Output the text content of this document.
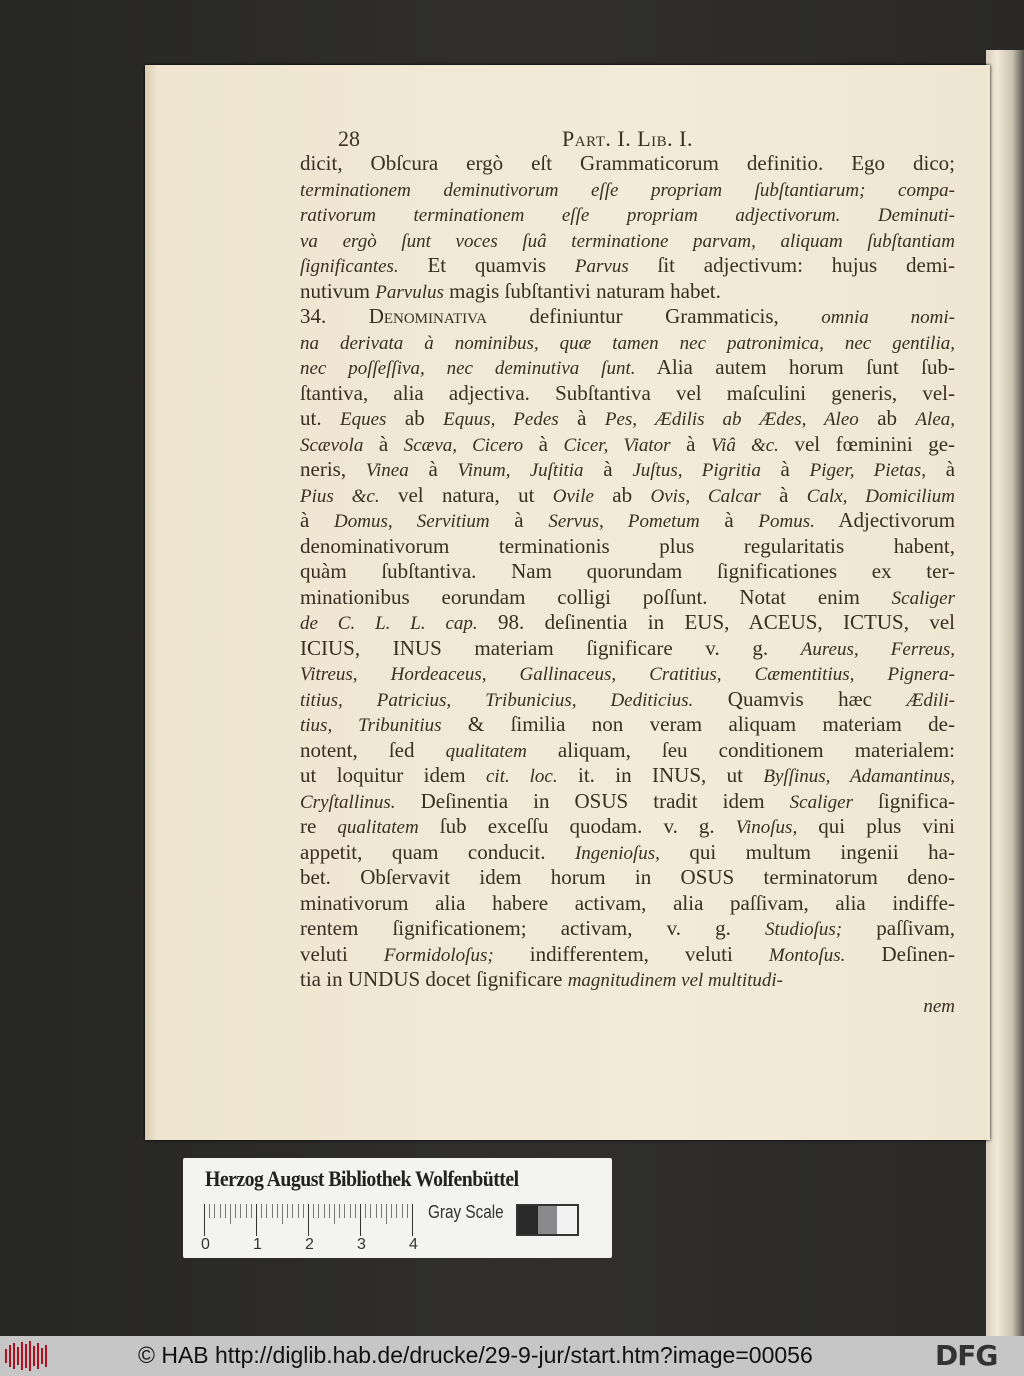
28	Part. I. Lib. I.
dicit, Obſcura ergò eſt Grammaticorum definitio. Ego dico;
terminationem deminutivorum eſſe propriam ſubſtantiarum; compa-
rativorum terminationem eſſe propriam adjectivorum. Deminuti-
va ergò ſunt voces ſuâ terminatione parvam, aliquam ſubſtantiam
ſignificantes. Et quamvis Parvus ſit adjectivum: hujus demi-
nutivum Parvulus magis ſubſtantivi naturam habet.
34. Denominativa definiuntur Grammaticis, omnia nomi-
na derivata à nominibus, quæ tamen nec patronimica, nec gentilia,
nec poſſeſſiva, nec deminutiva ſunt. Alia autem horum ſunt ſub-
ſtantiva, alia adjectiva. Subſtantiva vel maſculini generis, vel-
ut. Eques ab Equus, Pedes à Pes, Ædilis ab Ædes, Aleo ab Alea,
Scævola à Scæva, Cicero à Cicer, Viator à Viâ &c. vel fœminini ge-
neris, Vinea à Vinum, Juſtitia à Juſtus, Pigritia à Piger, Pietas, à
Pius &c. vel natura, ut Ovile ab Ovis, Calcar à Calx, Domicilium
à Domus, Servitium à Servus, Pometum à Pomus. Adjectivorum
denominativorum terminationis plus regularitatis habent,
quàm ſubſtantiva. Nam quorundam ſignificationes ex ter-
minationibus eorundam colligi poſſunt. Notat enim Scaliger
de C. L. L. cap. 98. deſinentia in EUS, ACEUS, ICTUS, vel
ICIUS, INUS materiam ſignificare v. g. Aureus, Ferreus,
Vitreus, Hordeaceus, Gallinaceus, Cratitius, Cæmentitius, Pignera-
titius, Patricius, Tribunicius, Dediticius. Quamvis hæc Ædili-
tius, Tribunitius & ſimilia non veram aliquam materiam de-
notent, ſed qualitatem aliquam, ſeu conditionem materialem:
ut loquitur idem cit. loc. it. in INUS, ut Byſſinus, Adamantinus,
Cryſtallinus. Deſinentia in OSUS tradit idem Scaliger ſignifica-
re qualitatem ſub exceſſu quodam. v. g. Vinoſus, qui plus vini
appetit, quam conducit. Ingenioſus, qui multum ingenii ha-
bet. Obſervavit idem horum in OSUS terminatorum deno-
minativorum alia habere activam, alia paſſivam, alia indiffe-
rentem ſignificationem; activam, v. g. Studioſus; paſſivam,
veluti Formidoloſus; indifferentem, veluti Montoſus. Deſinen-
tia in UNDUS docet ſignificare magnitudinem vel multitudi-
nem
Herzog August Bibliothek Wolfenbüttel
Gray Scale
0	1	2	3	4
© HAB http://diglib.hab.de/drucke/29-9-jur/start.htm?image=00056	DFG
